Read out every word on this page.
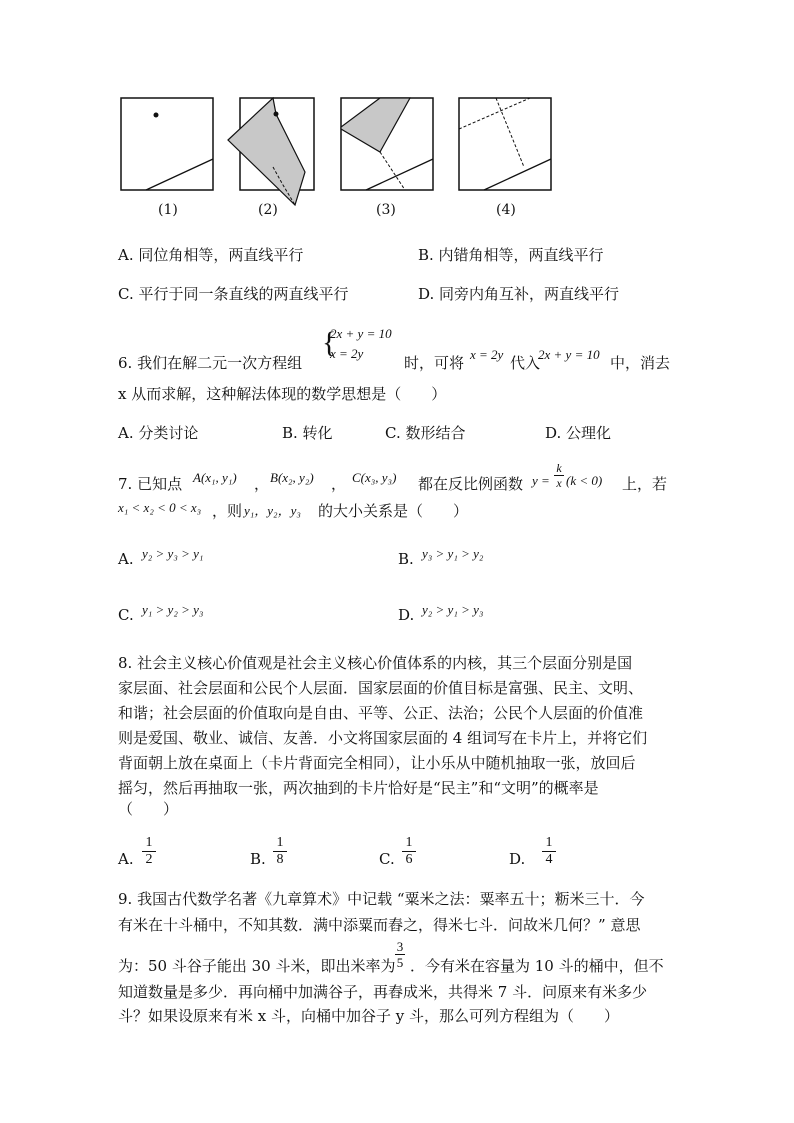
(1)	(2)	(3)	(4)
A. 同位角相等，两直线平行	B. 内错角相等，两直线平行
C. 平行于同一条直线的两直线平行	D. 同旁内角互补，两直线平行
{
2x + y = 10
x = 2y
6. 我们在解二元一次方程组	时，可将 x = 2y 代入
2x + y = 10 中，消去
x 从而求解，这种解法体现的数学思想是（　　）
A. 分类讨论	B. 转化	C. 数形结合	D. 公理化
7. 已知点 A(x₁, y₁) ， B(x₂, y₂) ， C(x₃, y₃) 都在反比例函数 y =
k
x (k < 0) 上，若
x₁ < x₂ < 0 < x₃ ，则 y₁，y₂，y₃ 的大小关系是（　　）
A. y₂ > y₃ > y₁	B. y₃ > y₁ > y₂
C. y₁ > y₂ > y₃	D. y₂ > y₁ > y₃
8. 社会主义核心价值观是社会主义核心价值体系的内核，其三个层面分别是国
家层面、社会层面和公民个人层面．国家层面的价值目标是富强、民主、文明、
和谐；社会层面的价值取向是自由、平等、公正、法治；公民个人层面的价值准
则是爱国、敬业、诚信、友善．小文将国家层面的 4 组词写在卡片上，并将它们
背面朝上放在桌面上（卡片背面完全相同），让小乐从中随机抽取一张，放回后
摇匀，然后再抽取一张，两次抽到的卡片恰好是“民主”和“文明”的概率是
（　　）
A.
1
2	B.
1
8	C.
1
6	D.
1
4
9. 我国古代数学名著《九章算术》中记载 “粟米之法：粟率五十；粝米三十．今
有米在十斗桶中，不知其数．满中添粟而舂之，得米七斗．问故米几何？” 意思
为：50 斗谷子能出 30 斗米，即出米率为
3
5 ．今有米在容量为 10 斗的桶中，但不
知道数量是多少．再向桶中加满谷子，再舂成米，共得米 7 斗．问原来有米多少
斗？如果设原来有米 x 斗，向桶中加谷子 y 斗，那么可列方程组为（　　）
